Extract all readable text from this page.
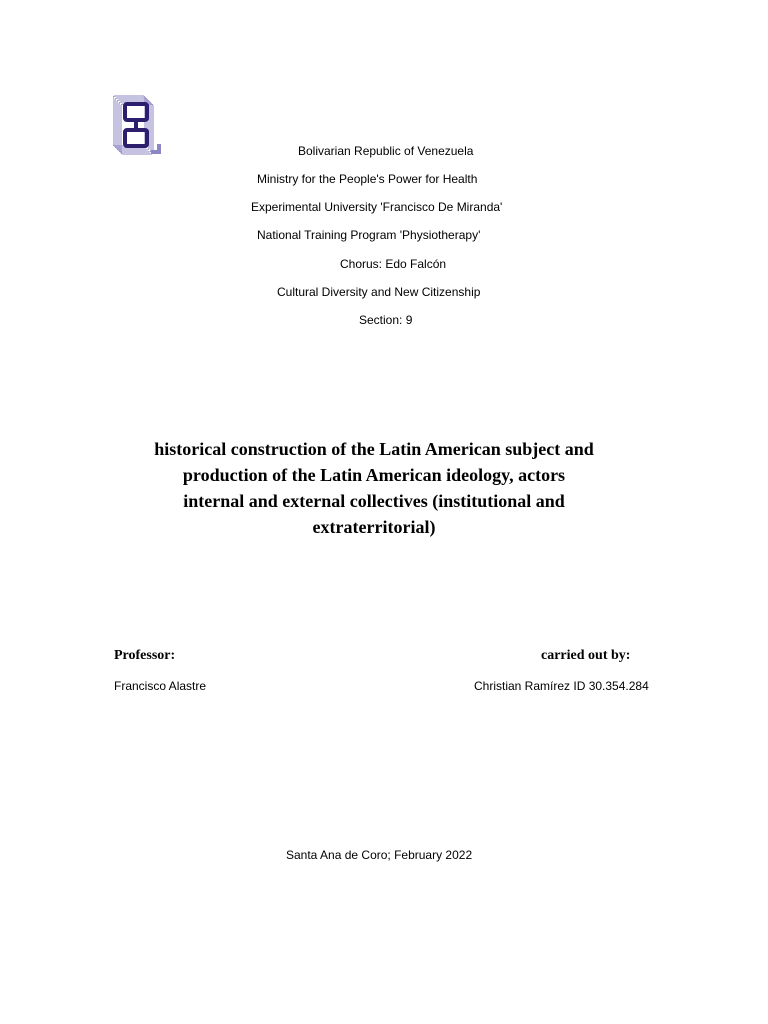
Bolivarian Republic of Venezuela
Ministry for the People's Power for Health
Experimental University 'Francisco De Miranda'
National Training Program 'Physiotherapy'
Chorus: Edo Falcón
Cultural Diversity and New Citizenship
Section: 9
historical construction of the Latin American subject and
production of the Latin American ideology, actors
internal and external collectives (institutional and
extraterritorial)
Professor:	carried out by:
Francisco Alastre	Christian Ramírez ID 30.354.284
Santa Ana de Coro; February 2022
